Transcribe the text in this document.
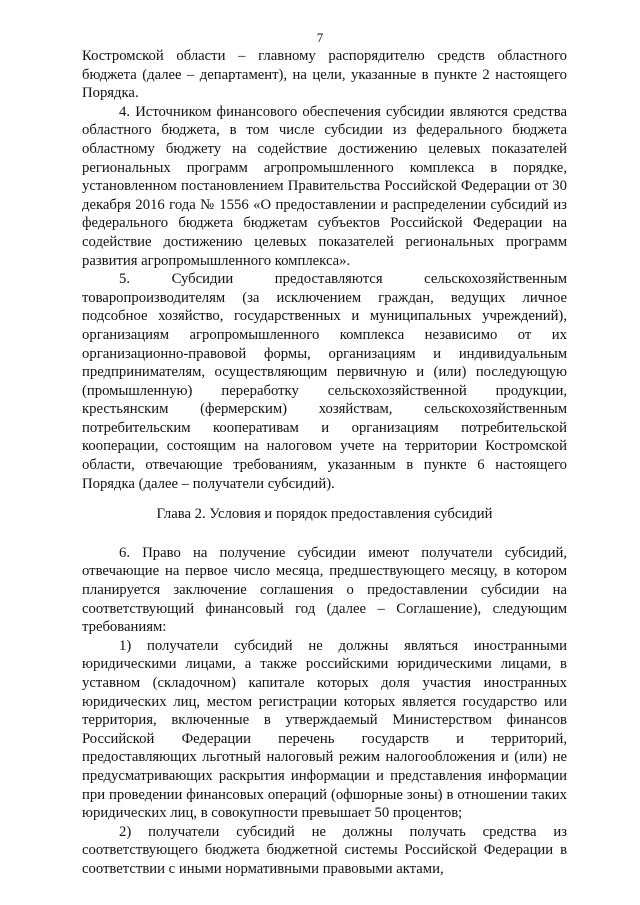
7

Костромской области – главному распорядителю средств областного бюджета (далее – департамент), на цели, указанные в пункте 2 настоящего Порядка.

4. Источником финансового обеспечения субсидии являются средства областного бюджета, в том числе субсидии из федерального бюджета областному бюджету на содействие достижению целевых показателей региональных программ агропромышленного комплекса в порядке, установленном постановлением Правительства Российской Федерации от 30 декабря 2016 года № 1556 «О предоставлении и распределении субсидий из федерального бюджета бюджетам субъектов Российской Федерации на содействие достижению целевых показателей региональных программ развития агропромышленного комплекса».

5. Субсидии предоставляются сельскохозяйственным товаропроизводителям (за исключением граждан, ведущих личное подсобное хозяйство, государственных и муниципальных учреждений), организациям агропромышленного комплекса независимо от их организационно-правовой формы, организациям и индивидуальным предпринимателям, осуществляющим первичную и (или) последующую (промышленную) переработку сельскохозяйственной продукции, крестьянским (фермерским) хозяйствам, сельскохозяйственным потребительским кооперативам и организациям потребительской кооперации, состоящим на налоговом учете на территории Костромской области, отвечающие требованиям, указанным в пункте 6 настоящего Порядка (далее – получатели субсидий).

Глава 2. Условия и порядок предоставления субсидий

6. Право на получение субсидии имеют получатели субсидий, отвечающие на первое число месяца, предшествующего месяцу, в котором планируется заключение соглашения о предоставлении субсидии на соответствующий финансовый год (далее – Соглашение), следующим требованиям:

1) получатели субсидий не должны являться иностранными юридическими лицами, а также российскими юридическими лицами, в уставном (складочном) капитале которых доля участия иностранных юридических лиц, местом регистрации которых является государство или территория, включенные в утверждаемый Министерством финансов Российской Федерации перечень государств и территорий, предоставляющих льготный налоговый режим налогообложения и (или) не предусматривающих раскрытия информации и представления информации при проведении финансовых операций (офшорные зоны) в отношении таких юридических лиц, в совокупности превышает 50 процентов;

2) получатели субсидий не должны получать средства из соответствующего бюджета бюджетной системы Российской Федерации в соответствии с иными нормативными правовыми актами,
